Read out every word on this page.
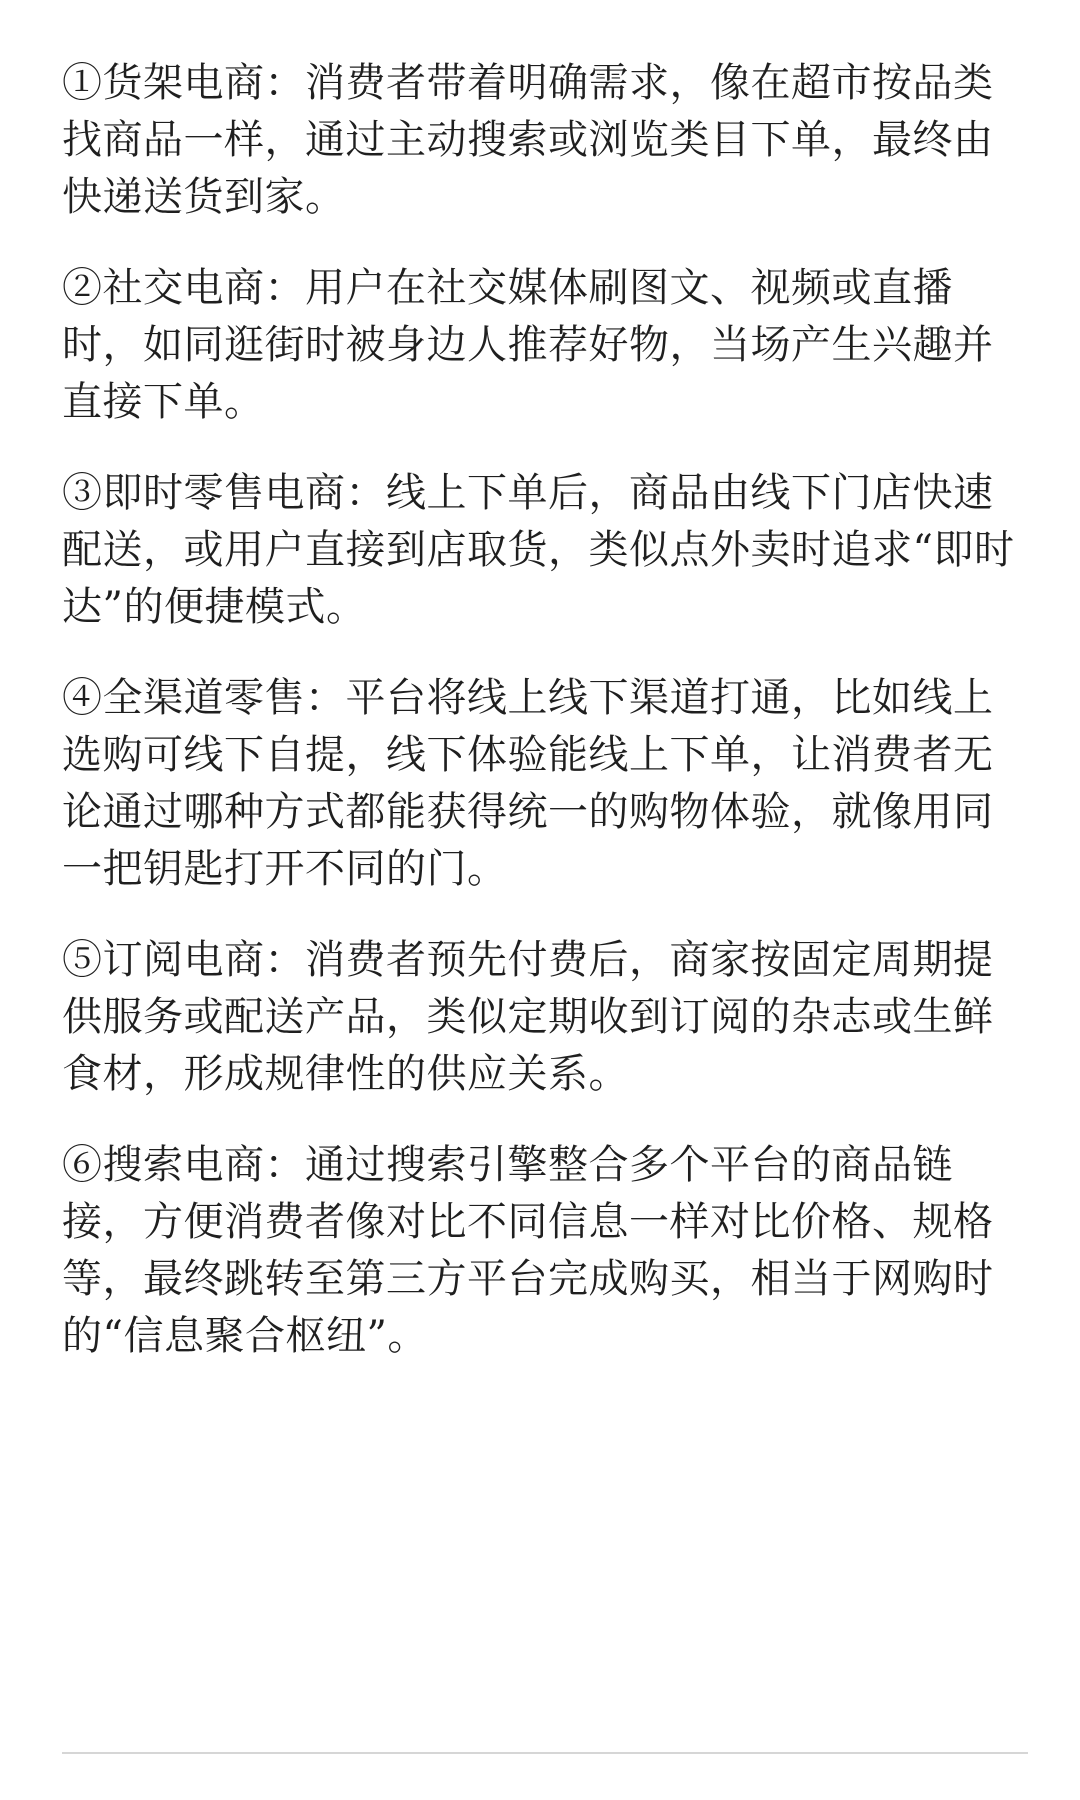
①货架电商：消费者带着明确需求，像在超市按品类找商品一样，通过主动搜索或浏览类目下单，最终由快递送货到家。

②社交电商：用户在社交媒体刷图文、视频或直播时，如同逛街时被身边人推荐好物，当场产生兴趣并直接下单。

③即时零售电商：线上下单后，商品由线下门店快速配送，或用户直接到店取货，类似点外卖时追求“即时达”的便捷模式。

④全渠道零售：平台将线上线下渠道打通，比如线上选购可线下自提，线下体验能线上下单，让消费者无论通过哪种方式都能获得统一的购物体验，就像用同一把钥匙打开不同的门。

⑤订阅电商：消费者预先付费后，商家按固定周期提供服务或配送产品，类似定期收到订阅的杂志或生鲜食材，形成规律性的供应关系。

⑥搜索电商：通过搜索引擎整合多个平台的商品链接，方便消费者像对比不同信息一样对比价格、规格等，最终跳转至第三方平台完成购买，相当于网购时的“信息聚合枢纽”。
